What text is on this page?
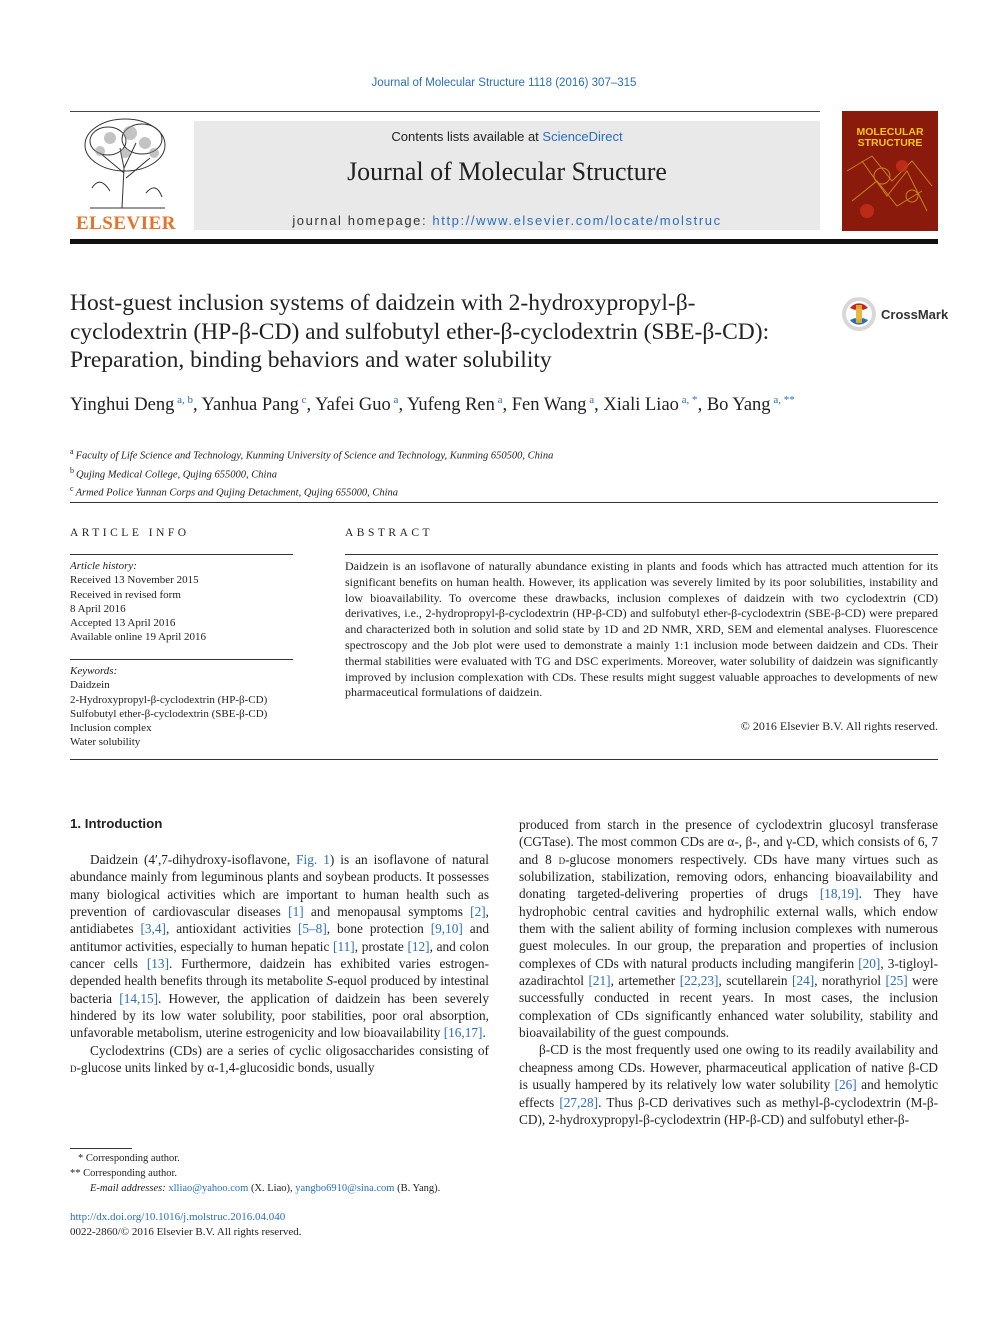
Journal of Molecular Structure 1118 (2016) 307–315
ELSEVIER
Contents lists available at ScienceDirect
Journal of Molecular Structure
journal homepage: http://www.elsevier.com/locate/molstruc
MOLECULAR
STRUCTURE
Host-guest inclusion systems of daidzein with 2-hydroxypropyl-β-cyclodextrin (HP-β-CD) and sulfobutyl ether-β-cyclodextrin (SBE-β-CD): Preparation, binding behaviors and water solubility
CrossMark
Yinghui Deng $^{a, b}$, Yanhua Pang $^c$, Yafei Guo $^a$, Yufeng Ren $^a$, Fen Wang $^a$, Xiali Liao $^{a, *}$, Bo Yang $^{a, **}$
$^a$ Faculty of Life Science and Technology, Kunming University of Science and Technology, Kunming 650500, China
$^b$ Qujing Medical College, Qujing 655000, China
$^c$ Armed Police Yunnan Corps and Qujing Detachment, Qujing 655000, China
ARTICLE INFO
Article history:
Received 13 November 2015
Received in revised form
8 April 2016
Accepted 13 April 2016
Available online 19 April 2016
Keywords:
Daidzein
2-Hydroxypropyl-β-cyclodextrin (HP-β-CD)
Sulfobutyl ether-β-cyclodextrin (SBE-β-CD)
Inclusion complex
Water solubility
ABSTRACT
Daidzein is an isoflavone of naturally abundance existing in plants and foods which has attracted much attention for its significant benefits on human health. However, its application was severely limited by its poor solubilities, instability and low bioavailability. To overcome these drawbacks, inclusion complexes of daidzein with two cyclodextrin (CD) derivatives, i.e., 2-hydropropyl-β-cyclodextrin (HP-β-CD) and sulfobutyl ether-β-cyclodextrin (SBE-β-CD) were prepared and characterized both in solution and solid state by 1D and 2D NMR, XRD, SEM and elemental analyses. Fluorescence spectroscopy and the Job plot were used to demonstrate a mainly 1:1 inclusion mode between daidzein and CDs. Their thermal stabilities were evaluated with TG and DSC experiments. Moreover, water solubility of daidzein was significantly improved by inclusion complexation with CDs. These results might suggest valuable approaches to developments of new pharmaceutical formulations of daidzein.
© 2016 Elsevier B.V. All rights reserved.
1. Introduction

Daidzein (4′,7-dihydroxy-isoflavone, Fig. 1) is an isoflavone of natural abundance mainly from leguminous plants and soybean products. It possesses many biological activities which are important to human health such as prevention of cardiovascular diseases [1] and menopausal symptoms [2], antidiabetes [3,4], antioxidant activities [5–8], bone protection [9,10] and antitumor activities, especially to human hepatic [11], prostate [12], and colon cancer cells [13]. Furthermore, daidzein has exhibited varies estrogen-depended health benefits through its metabolite S-equol produced by intestinal bacteria [14,15]. However, the application of daidzein has been severely hindered by its low water solubility, poor stabilities, poor oral absorption, unfavorable metabolism, uterine estrogenicity and low bioavailability [16,17].

Cyclodextrins (CDs) are a series of cyclic oligosaccharides consisting of d-glucose units linked by α-1,4-glucosidic bonds, usually

produced from starch in the presence of cyclodextrin glucosyl transferase (CGTase). The most common CDs are α-, β-, and γ-CD, which consists of 6, 7 and 8 d-glucose monomers respectively. CDs have many virtues such as solubilization, stabilization, removing odors, enhancing bioavailability and donating targeted-delivering properties of drugs [18,19]. They have hydrophobic central cavities and hydrophilic external walls, which endow them with the salient ability of forming inclusion complexes with numerous guest molecules. In our group, the preparation and properties of inclusion complexes of CDs with natural products including mangiferin [20], 3-tigloyl-azadirachtol [21], artemether [22,23], scutellarein [24], norathyriol [25] were successfully conducted in recent years. In most cases, the inclusion complexation of CDs significantly enhanced water solubility, stability and bioavailability of the guest compounds.

β-CD is the most frequently used one owing to its readily availability and cheapness among CDs. However, pharmaceutical application of native β-CD is usually hampered by its relatively low water solubility [26] and hemolytic effects [27,28]. Thus β-CD derivatives such as methyl-β-cyclodextrin (M-β-CD), 2-hydroxypropyl-β-cyclodextrin (HP-β-CD) and sulfobutyl ether-β-

* Corresponding author.
** Corresponding author.
E-mail addresses: xlliao@yahoo.com (X. Liao), yangbo6910@sina.com (B. Yang).
http://dx.doi.org/10.1016/j.molstruc.2016.04.040
0022-2860/© 2016 Elsevier B.V. All rights reserved.
